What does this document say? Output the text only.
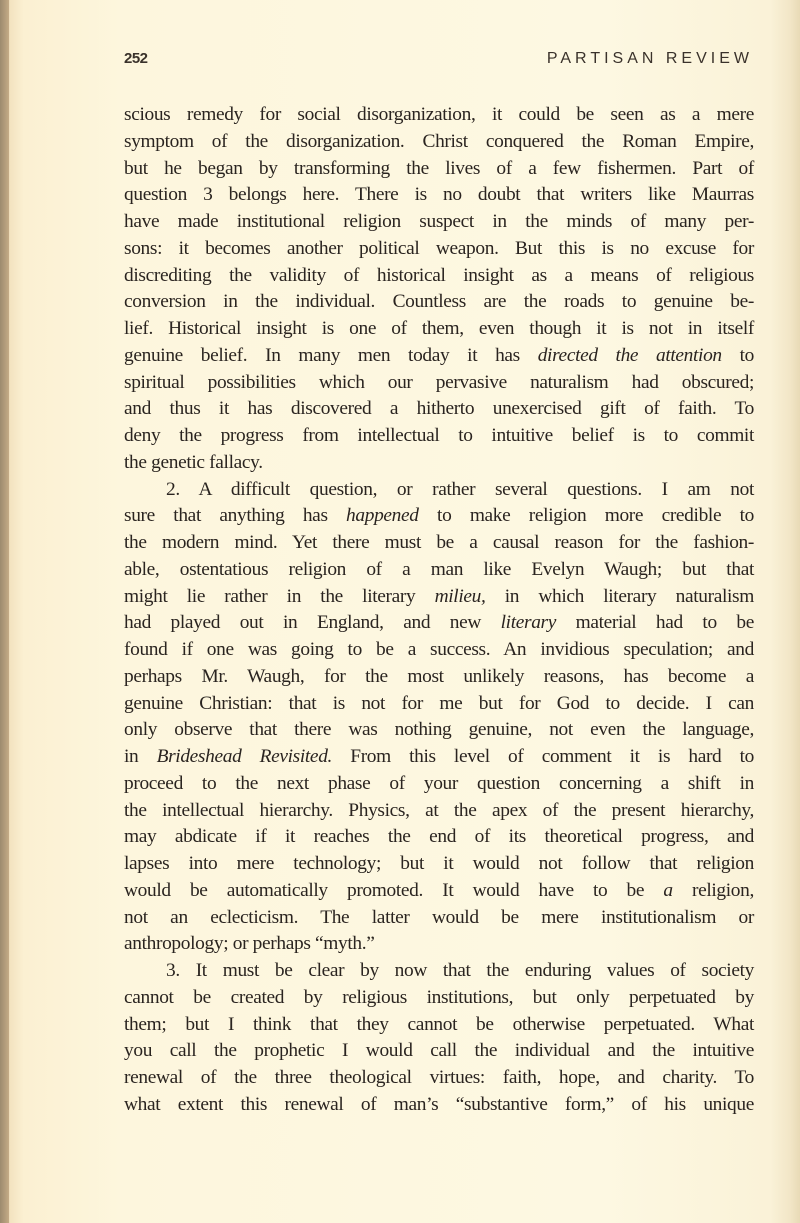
252	PARTISAN REVIEW
scious remedy for social disorganization, it could be seen as a mere
symptom of the disorganization. Christ conquered the Roman Empire,
but he began by transforming the lives of a few fishermen. Part of
question 3 belongs here. There is no doubt that writers like Maurras
have made institutional religion suspect in the minds of many per-
sons: it becomes another political weapon. But this is no excuse for
discrediting the validity of historical insight as a means of religious
conversion in the individual. Countless are the roads to genuine be-
lief. Historical insight is one of them, even though it is not in itself
genuine belief. In many men today it has directed the attention to
spiritual possibilities which our pervasive naturalism had obscured;
and thus it has discovered a hitherto unexercised gift of faith. To
deny the progress from intellectual to intuitive belief is to commit
the genetic fallacy.
2. A difficult question, or rather several questions. I am not
sure that anything has happened to make religion more credible to
the modern mind. Yet there must be a causal reason for the fashion-
able, ostentatious religion of a man like Evelyn Waugh; but that
might lie rather in the literary milieu, in which literary naturalism
had played out in England, and new literary material had to be
found if one was going to be a success. An invidious speculation; and
perhaps Mr. Waugh, for the most unlikely reasons, has become a
genuine Christian: that is not for me but for God to decide. I can
only observe that there was nothing genuine, not even the language,
in Brideshead Revisited. From this level of comment it is hard to
proceed to the next phase of your question concerning a shift in
the intellectual hierarchy. Physics, at the apex of the present hierarchy,
may abdicate if it reaches the end of its theoretical progress, and
lapses into mere technology; but it would not follow that religion
would be automatically promoted. It would have to be a religion,
not an eclecticism. The latter would be mere institutionalism or
anthropology; or perhaps “myth.”
3. It must be clear by now that the enduring values of society
cannot be created by religious institutions, but only perpetuated by
them; but I think that they cannot be otherwise perpetuated. What
you call the prophetic I would call the individual and the intuitive
renewal of the three theological virtues: faith, hope, and charity. To
what extent this renewal of man’s “substantive form,” of his unique
